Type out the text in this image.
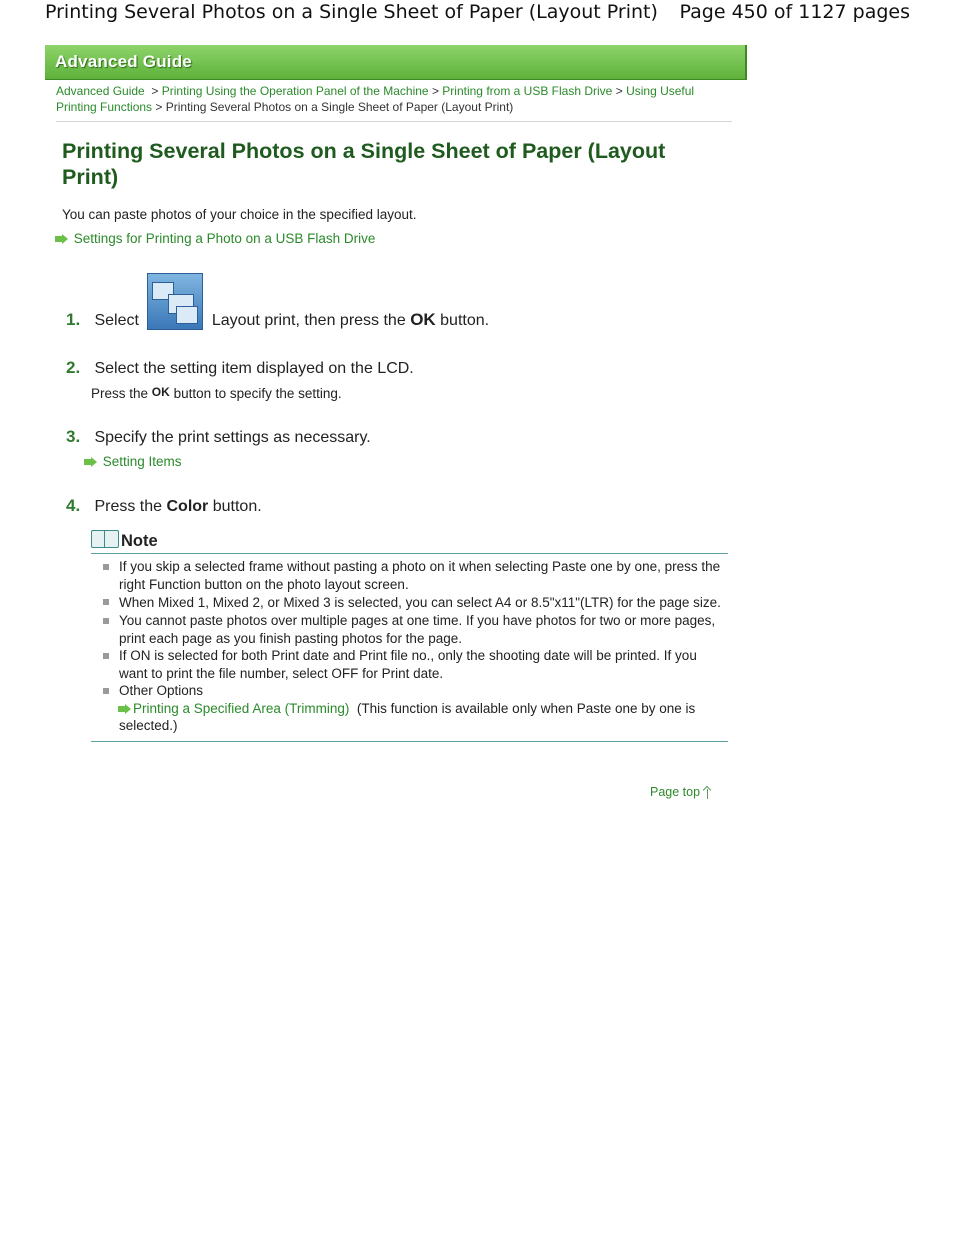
Printing Several Photos on a Single Sheet of Paper (Layout Print) Page 450 of 1127 pages
Advanced Guide
Advanced Guide > Printing Using the Operation Panel of the Machine > Printing from a USB Flash Drive > Using Useful Printing Functions > Printing Several Photos on a Single Sheet of Paper (Layout Print)
Printing Several Photos on a Single Sheet of Paper (Layout Print)
You can paste photos of your choice in the specified layout.
Settings for Printing a Photo on a USB Flash Drive
1. Select	Layout print, then press the OK button.
2. Select the setting item displayed on the LCD.
Press the OK button to specify the setting.
3. Specify the print settings as necessary.
Setting Items
4. Press the Color button.
Note
If you skip a selected frame without pasting a photo on it when selecting Paste one by one, press the right Function button on the photo layout screen.
When Mixed 1, Mixed 2, or Mixed 3 is selected, you can select A4 or 8.5"x11"(LTR) for the page size.
You cannot paste photos over multiple pages at one time. If you have photos for two or more pages, print each page as you finish pasting photos for the page.
If ON is selected for both Print date and Print file no., only the shooting date will be printed. If you want to print the file number, select OFF for Print date.
Other Options
Printing a Specified Area (Trimming) (This function is available only when Paste one by one is selected.)
Page top
